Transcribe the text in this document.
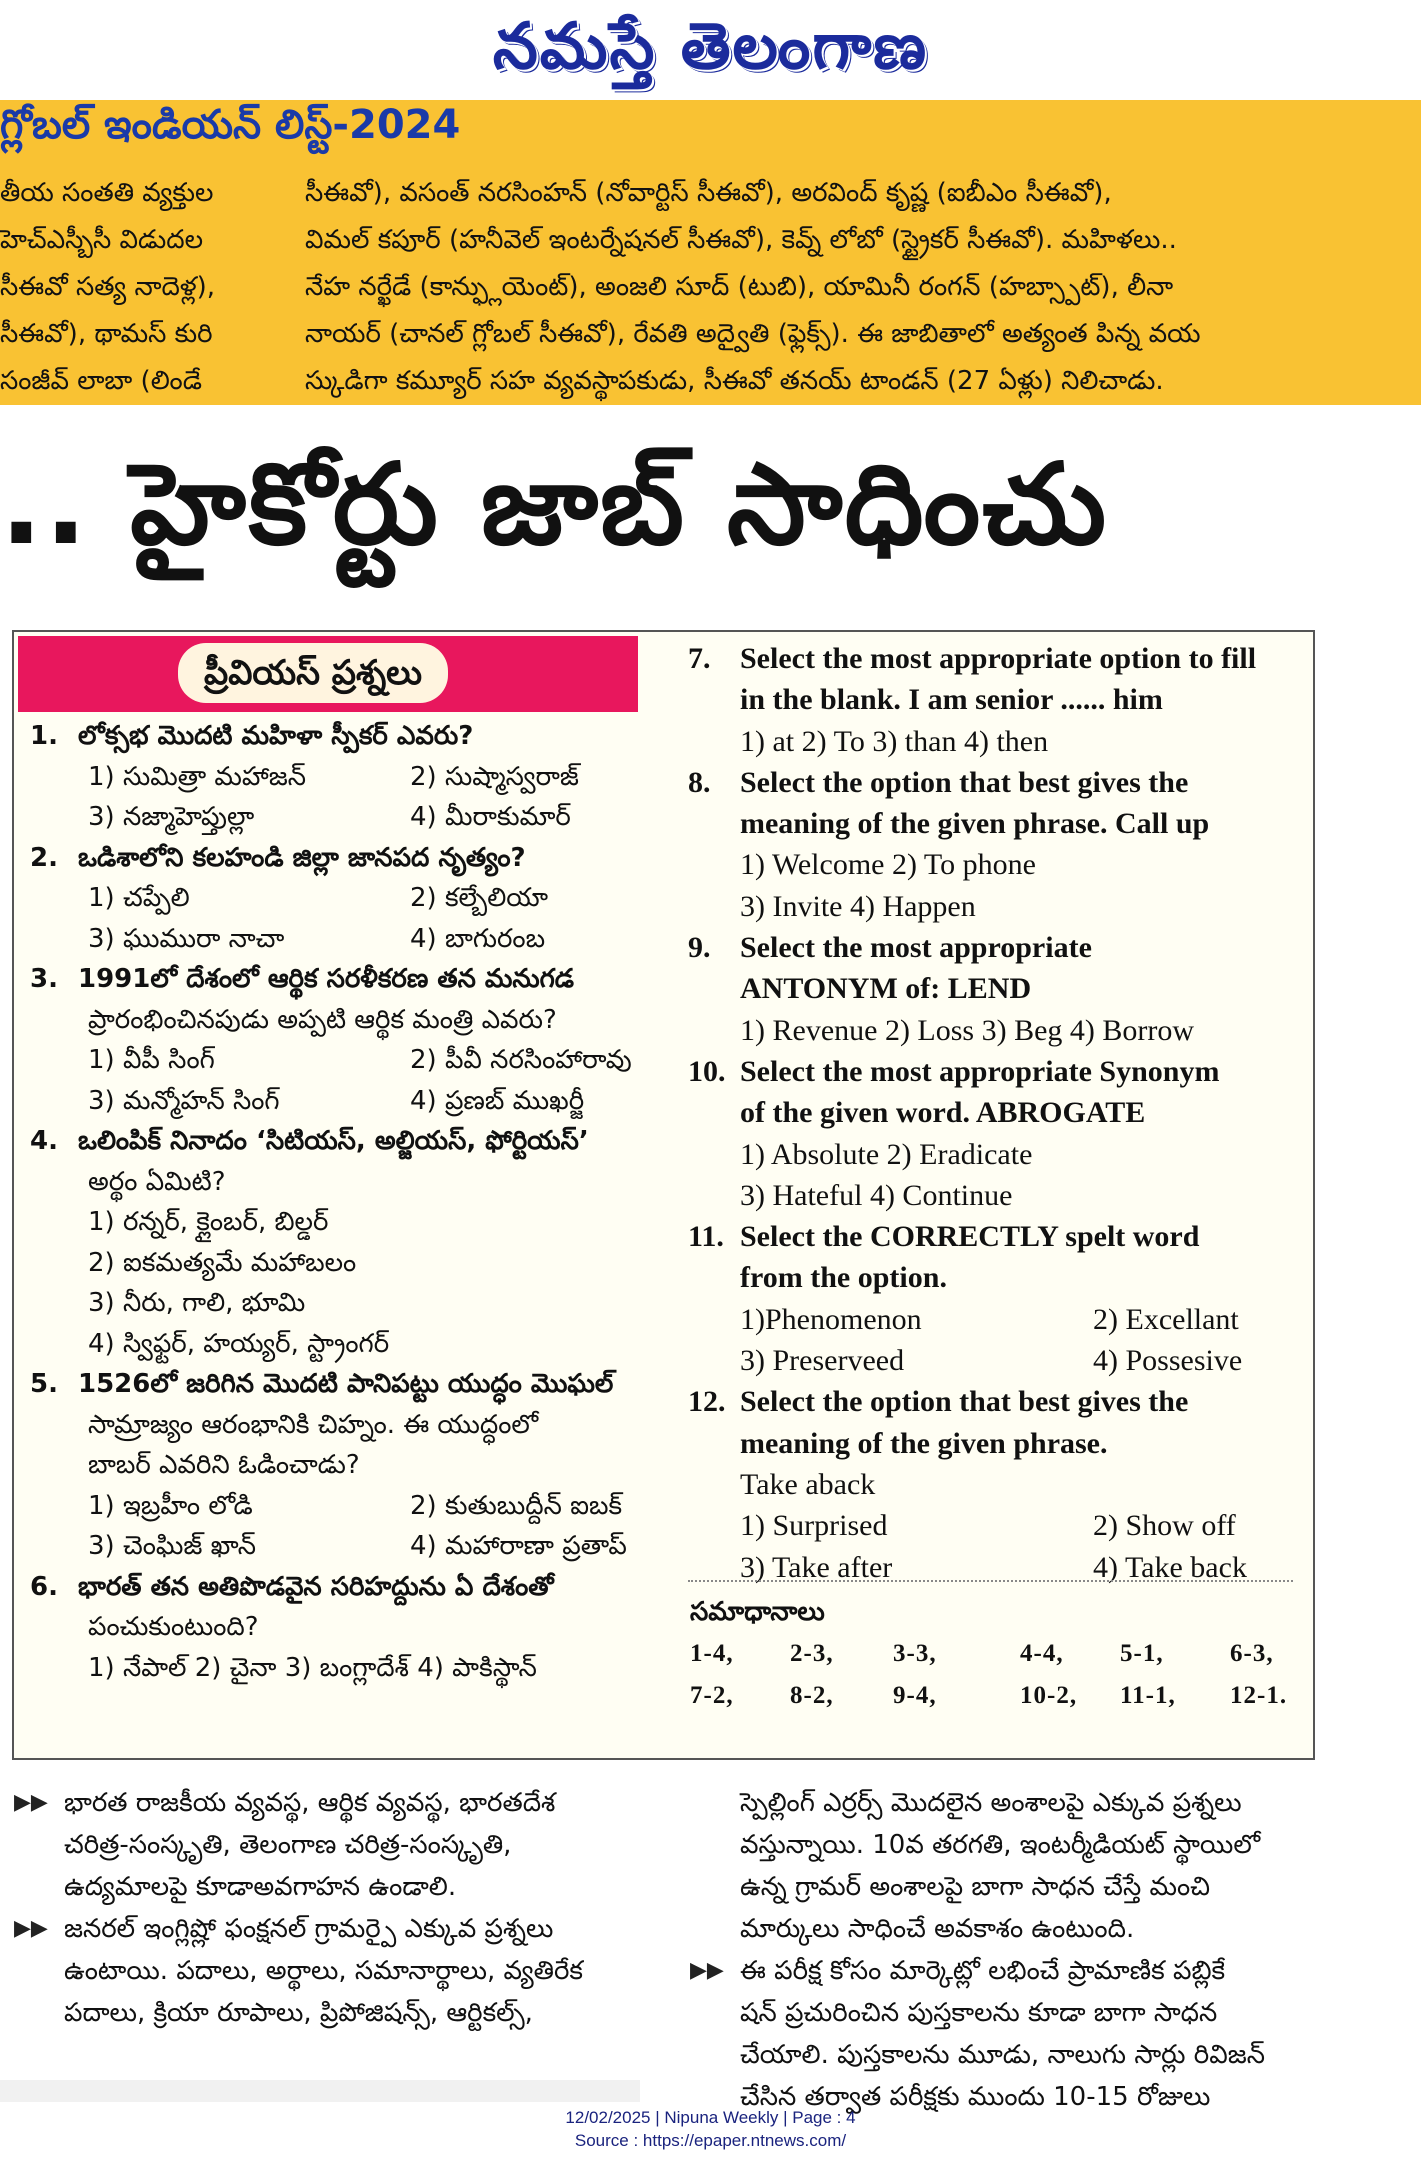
నమస్తే తెలంగాణ
గ్లోబల్ ఇండియన్ లిస్ట్-2024
తీయ సంతతి వ్యక్తుల
హెచ్ఎస్బీసీ విడుదల
సీఈవో సత్య నాదెళ్ల),
సీఈవో), థామస్ కురి
సంజీవ్ లాబా (లిండే
సీఈవో), వసంత్ నరసింహన్ (నోవార్టిస్ సీఈవో), అరవింద్ కృష్ణ (ఐబీఎం సీఈవో),
విమల్ కపూర్ (హనీవెల్ ఇంటర్నేషనల్ సీఈవో), కెవ్న్ లోబో (స్ట్రైకర్ సీఈవో). మహిళలు..
నేహ నర్ఖేడే (కాన్ఫ్లుయెంట్), అంజలి సూద్ (టుబి), యామినీ రంగన్ (హబ్స్పాట్), లీనా
నాయర్ (చానల్ గ్లోబల్ సీఈవో), రేవతి అద్వైతి (ఫ్లెక్స్). ఈ జాబితాలో అత్యంత పిన్న వయ
స్కుడిగా కమ్యూర్ సహ వ్యవస్థాపకుడు, సీఈవో తనయ్ టాండన్ (27 ఏళ్లు) నిలిచాడు.
.. హైకోర్టు జాబ్ సాధించు
ప్రీవియస్ ప్రశ్నలు
1. లోక్సభ మొదటి మహిళా స్పీకర్ ఎవరు?
1) సుమిత్రా మహాజన్	2) సుష్మాస్వరాజ్
3) నజ్మాహెప్తుల్లా	4) మీరాకుమార్
2. ఒడిశాలోని కలహండి జిల్లా జానపద నృత్యం?
1) చప్పేలి	2) కల్బేలియా
3) ఘుమురా నాచా	4) బాగురంబ
3. 1991లో దేశంలో ఆర్థిక సరళీకరణ తన మనుగడ
ప్రారంభించినపుడు అప్పటి ఆర్థిక మంత్రి ఎవరు?
1) వీపీ సింగ్	2) పీవీ నరసింహారావు
3) మన్మోహన్ సింగ్	4) ప్రణబ్ ముఖర్జీ
4. ఒలింపిక్ నినాదం ‘సిటియస్, అల్జియస్, ఫోర్టియస్’
అర్థం ఏమిటి?
1) రన్నర్, క్లైంబర్, బిల్డర్
2) ఐకమత్యమే మహాబలం
3) నీరు, గాలి, భూమి
4) స్విఫ్టర్, హయ్యర్, స్ట్రాంగర్
5. 1526లో జరిగిన మొదటి పానిపట్టు యుద్ధం మొఘల్
సామ్రాజ్యం ఆరంభానికి చిహ్నం. ఈ యుద్ధంలో
బాబర్ ఎవరిని ఓడించాడు?
1) ఇబ్రహీం లోడి	2) కుతుబుద్దీన్ ఐబక్
3) చెంఘిజ్ ఖాన్	4) మహారాణా ప్రతాప్
6. భారత్ తన అతిపొడవైన సరిహద్దును ఏ దేశంతో
పంచుకుంటుంది?
1) నేపాల్ 2) చైనా 3) బంగ్లాదేశ్ 4) పాకిస్థాన్
7. Select the most appropriate option to fill
in the blank. I am senior ...... him
1) at 2) To 3) than 4) then
8. Select the option that best gives the
meaning of the given phrase. Call up
1) Welcome 2) To phone
3) Invite 4) Happen
9. Select the most appropriate
ANTONYM of: LEND
1) Revenue 2) Loss 3) Beg 4) Borrow
10. Select the most appropriate Synonym
of the given word. ABROGATE
1) Absolute 2) Eradicate
3) Hateful 4) Continue
11. Select the CORRECTLY spelt word
from the option.
1)Phenomenon	2) Excellant
3) Preserveed	4) Possesive
12. Select the option that best gives the
meaning of the given phrase.
Take aback
1) Surprised	2) Show off
3) Take after	4) Take back
సమాధానాలు
1-4, 2-3, 3-3,	4-4, 5-1,	6-3,
7-2, 8-2, 9-4,	10-2, 11-1, 12-1.
▶▶ భారత రాజకీయ వ్యవస్థ, ఆర్థిక వ్యవస్థ, భారతదేశ
చరిత్ర-సంస్కృతి, తెలంగాణ చరిత్ర-సంస్కృతి,
ఉద్యమాలపై కూడాఅవగాహన ఉండాలి.
▶▶ జనరల్ ఇంగ్లిష్లో ఫంక్షనల్ గ్రామర్పై ఎక్కువ ప్రశ్నలు
ఉంటాయి. పదాలు, అర్థాలు, సమానార్థాలు, వ్యతిరేక
పదాలు, క్రియా రూపాలు, ప్రిపోజిషన్స్, ఆర్టికల్స్,
స్పెల్లింగ్ ఎర్రర్స్ మొదలైన అంశాలపై ఎక్కువ ప్రశ్నలు
వస్తున్నాయి. 10వ తరగతి, ఇంటర్మీడియట్ స్థాయిలో
ఉన్న గ్రామర్ అంశాలపై బాగా సాధన చేస్తే మంచి
మార్కులు సాధించే అవకాశం ఉంటుంది.
▶▶ ఈ పరీక్ష కోసం మార్కెట్లో లభించే ప్రామాణిక పబ్లికే
షన్ ప్రచురించిన పుస్తకాలను కూడా బాగా సాధన
చేయాలి. పుస్తకాలను మూడు, నాలుగు సార్లు రివిజన్
చేసిన తర్వాత పరీక్షకు ముందు 10-15 రోజులు
12/02/2025 | Nipuna Weekly | Page : 4
Source : https://epaper.ntnews.com/
